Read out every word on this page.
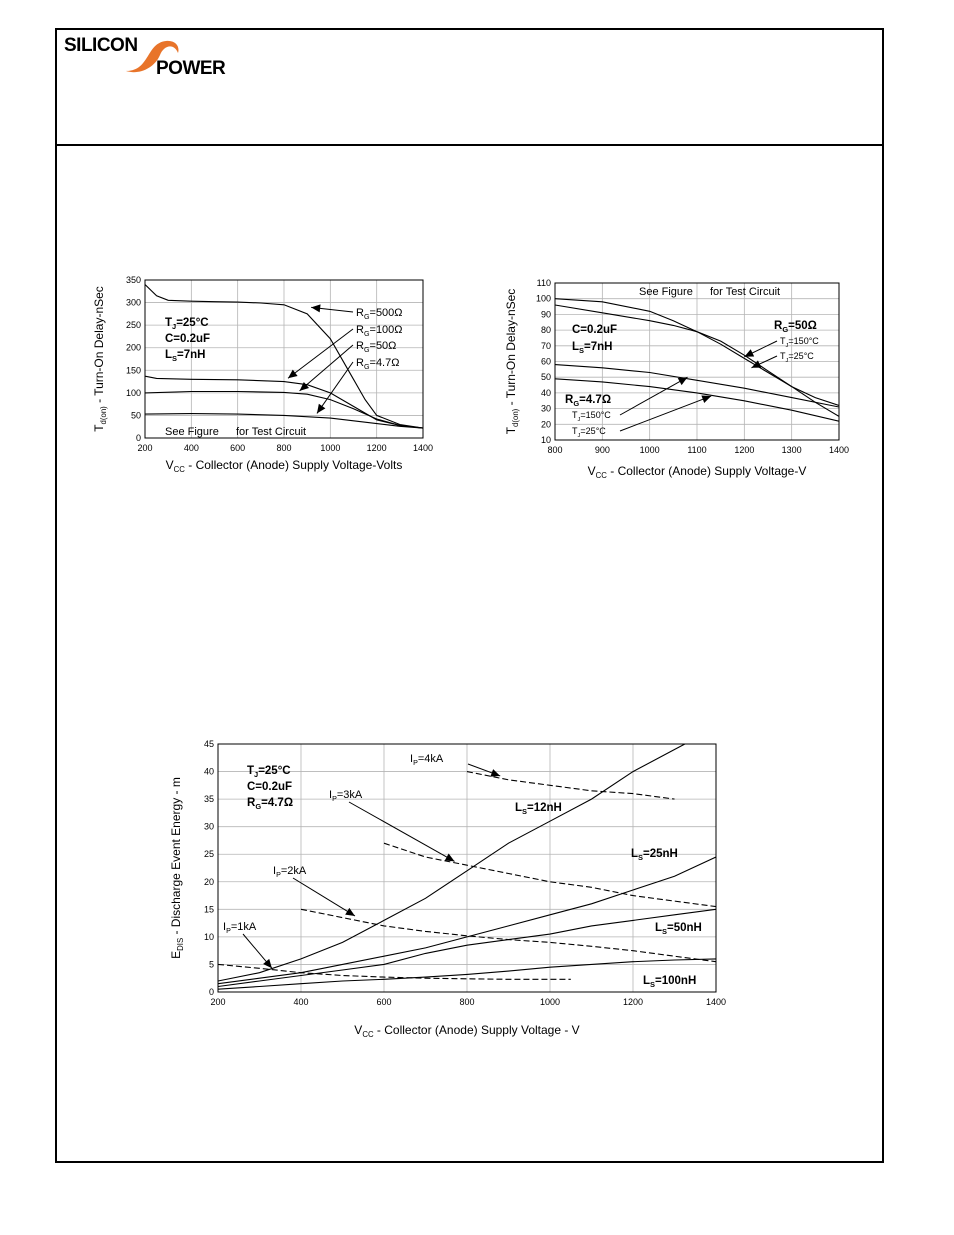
SILICON
POWER
200	400	600	800	1000	1200	1400
0
50
100
150
200
250
300
350
$V_{CC}$ - Collector (Anode) Supply Voltage-Volts
$T_{d(on)}$ - Turn-On Delay-nSec	$T_J=25^\circ C$
C=0.2uF
$L_S=7nH$
See Figure for Test Circuit
$R_G=500\Omega$
$R_G=100\Omega$
$R_G=50\Omega$
$R_G=4.7\Omega$
800	900	1000	1100	1200	1300	1400
10
20
30
40
50
60
70
80
90
100
110
$V_{CC}$ - Collector (Anode) Supply Voltage-V
$T_{d(on)}$ - Turn-On Delay-nSec	C=0.2uF
$L_S=7nH$
See Figure for Test Circuit
$R_G=50\Omega$
$R_G=4.7\Omega$
$T_J=150^\circ C$
$T_J=25^\circ C$
$T_J=150^\circ C$
$T_J=25^\circ C$
200	400	600	800	1000	1200	1400
0
5
10
15
20
25
30
35
40
45
$V_{CC}$ - Collector (Anode) Supply Voltage - V
$E_{DIS}$ - Discharge Event Energy - m
$T_J=25^\circ C$
C=0.2uF
$R_G=4.7\Omega$	$L_S=12nH$
$L_S=25nH$
$L_S=50nH$
$L_S=100nH$
$I_P=1kA$
$I_P=2kA$
$I_P=3kA$
$I_P=4kA$
